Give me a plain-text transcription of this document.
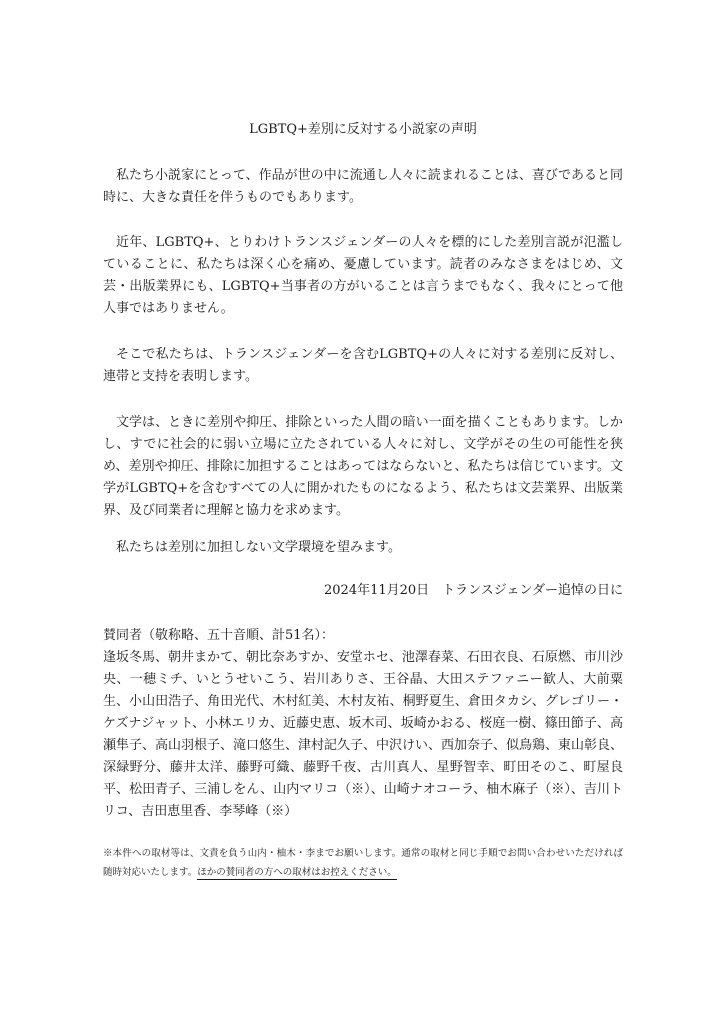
LGBTQ+差別に反対する小説家の声明

私たち小説家にとって、作品が世の中に流通し人々に読まれることは、喜びであると同時に、大きな責任を伴うものでもあります。

近年、LGBTQ+、とりわけトランスジェンダーの人々を標的にした差別言説が氾濫していることに、私たちは深く心を痛め、憂慮しています。読者のみなさまをはじめ、文芸・出版業界にも、LGBTQ+当事者の方がいることは言うまでもなく、我々にとって他人事ではありません。

そこで私たちは、トランスジェンダーを含むLGBTQ+の人々に対する差別に反対し、連帯と支持を表明します。

文学は、ときに差別や抑圧、排除といった人間の暗い一面を描くこともあります。しかし、すでに社会的に弱い立場に立たされている人々に対し、文学がその生の可能性を狭め、差別や抑圧、排除に加担することはあってはならないと、私たちは信じています。文学がLGBTQ+を含むすべての人に開かれたものになるよう、私たちは文芸業界、出版業界、及び同業者に理解と協力を求めます。

私たちは差別に加担しない文学環境を望みます。

2024年11月20日　トランスジェンダー追悼の日に
賛同者（敬称略、五十音順、計51名）：
逢坂冬馬、朝井まかて、朝比奈あすか、安堂ホセ、池澤春菜、石田衣良、石原燃、市川沙央、一穂ミチ、いとうせいこう、岩川ありさ、王谷晶、大田ステファニー歓人、大前粟生、小山田浩子、角田光代、木村紅美、木村友祐、桐野夏生、倉田タカシ、グレゴリー・ケズナジャット、小林エリカ、近藤史恵、坂木司、坂崎かおる、桜庭一樹、篠田節子、高瀬隼子、高山羽根子、滝口悠生、津村記久子、中沢けい、西加奈子、似鳥鶏、東山彰良、深緑野分、藤井太洋、藤野可織、藤野千夜、古川真人、星野智幸、町田そのこ、町屋良平、松田青子、三浦しをん、山内マリコ（※）、山崎ナオコーラ、柚木麻子（※）、吉川トリコ、吉田恵里香、李琴峰（※）
※本件への取材等は、文責を負う山内・柚木・李までお願いします。通常の取材と同じ手順でお問い合わせいただければ随時対応いたします。ほかの賛同者の方への取材はお控えください。
